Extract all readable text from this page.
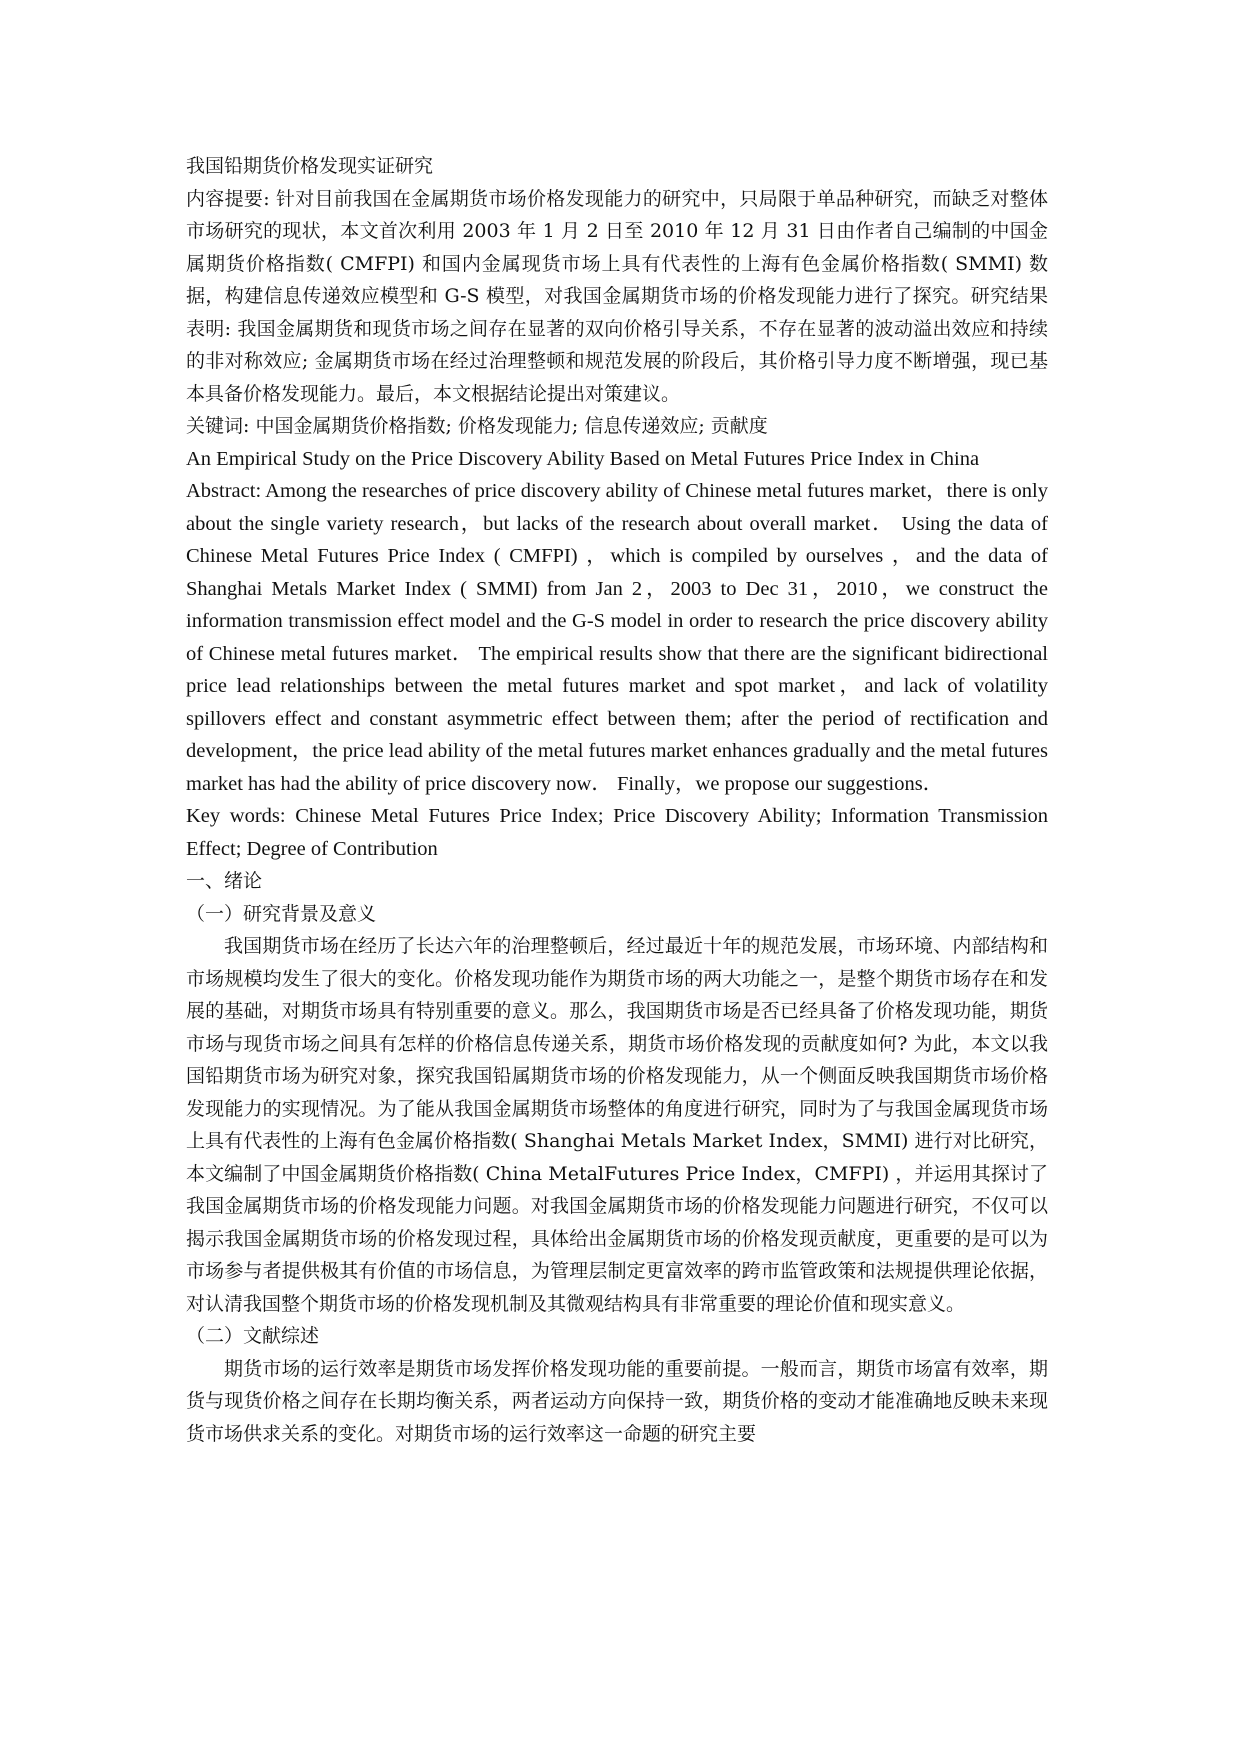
我国铅期货价格发现实证研究

内容提要: 针对目前我国在金属期货市场价格发现能力的研究中，只局限于单品种研究，而缺乏对整体市场研究的现状，本文首次利用 2003 年 1 月 2 日至 2010 年 12 月 31 日由作者自己编制的中国金属期货价格指数( CMFPI) 和国内金属现货市场上具有代表性的上海有色金属价格指数( SMMI) 数据，构建信息传递效应模型和 G-S 模型，对我国金属期货市场的价格发现能力进行了探究。研究结果表明: 我国金属期货和现货市场之间存在显著的双向价格引导关系，不存在显著的波动溢出效应和持续的非对称效应; 金属期货市场在经过治理整顿和规范发展的阶段后，其价格引导力度不断增强，现已基本具备价格发现能力。最后，本文根据结论提出对策建议。

关键词: 中国金属期货价格指数; 价格发现能力; 信息传递效应; 贡献度

An Empirical Study on the Price Discovery Ability Based on Metal Futures Price Index in China

Abstract: Among the researches of price discovery ability of Chinese metal futures market，there is only about the single variety research，but lacks of the research about overall market． Using the data of Chinese Metal Futures Price Index ( CMFPI) ，which is compiled by ourselves ，and the data of Shanghai Metals Market Index ( SMMI) from Jan 2，2003 to Dec 31，2010，we construct the information transmission effect model and the G-S model in order to research the price discovery ability of Chinese metal futures market． The empirical results show that there are the significant bidirectional price lead relationships between the metal futures market and spot market，and lack of volatility spillovers effect and constant asymmetric effect between them; after the period of rectification and development，the price lead ability of the metal futures market enhances gradually and the metal futures market has had the ability of price discovery now． Finally，we propose our suggestions．

Key words: Chinese Metal Futures Price Index; Price Discovery Ability; Information Transmission Effect; Degree of Contribution

一、绪论

（一）研究背景及意义

我国期货市场在经历了长达六年的治理整顿后，经过最近十年的规范发展，市场环境、内部结构和市场规模均发生了很大的变化。价格发现功能作为期货市场的两大功能之一，是整个期货市场存在和发展的基础，对期货市场具有特别重要的意义。那么，我国期货市场是否已经具备了价格发现功能，期货市场与现货市场之间具有怎样的价格信息传递关系，期货市场价格发现的贡献度如何? 为此，本文以我国铅期货市场为研究对象，探究我国铅属期货市场的价格发现能力，从一个侧面反映我国期货市场价格发现能力的实现情况。为了能从我国金属期货市场整体的角度进行研究，同时为了与我国金属现货市场上具有代表性的上海有色金属价格指数( Shanghai Metals Market Index，SMMI) 进行对比研究，本文编制了中国金属期货价格指数( China MetalFutures Price Index，CMFPI) ，并运用其探讨了我国金属期货市场的价格发现能力问题。对我国金属期货市场的价格发现能力问题进行研究，不仅可以揭示我国金属期货市场的价格发现过程，具体给出金属期货市场的价格发现贡献度，更重要的是可以为市场参与者提供极其有价值的市场信息，为管理层制定更富效率的跨市监管政策和法规提供理论依据，对认清我国整个期货市场的价格发现机制及其微观结构具有非常重要的理论价值和现实意义。

（二）文献综述

期货市场的运行效率是期货市场发挥价格发现功能的重要前提。一般而言，期货市场富有效率，期货与现货价格之间存在长期均衡关系，两者运动方向保持一致，期货价格的变动才能准确地反映未来现货市场供求关系的变化。对期货市场的运行效率这一命题的研究主要
